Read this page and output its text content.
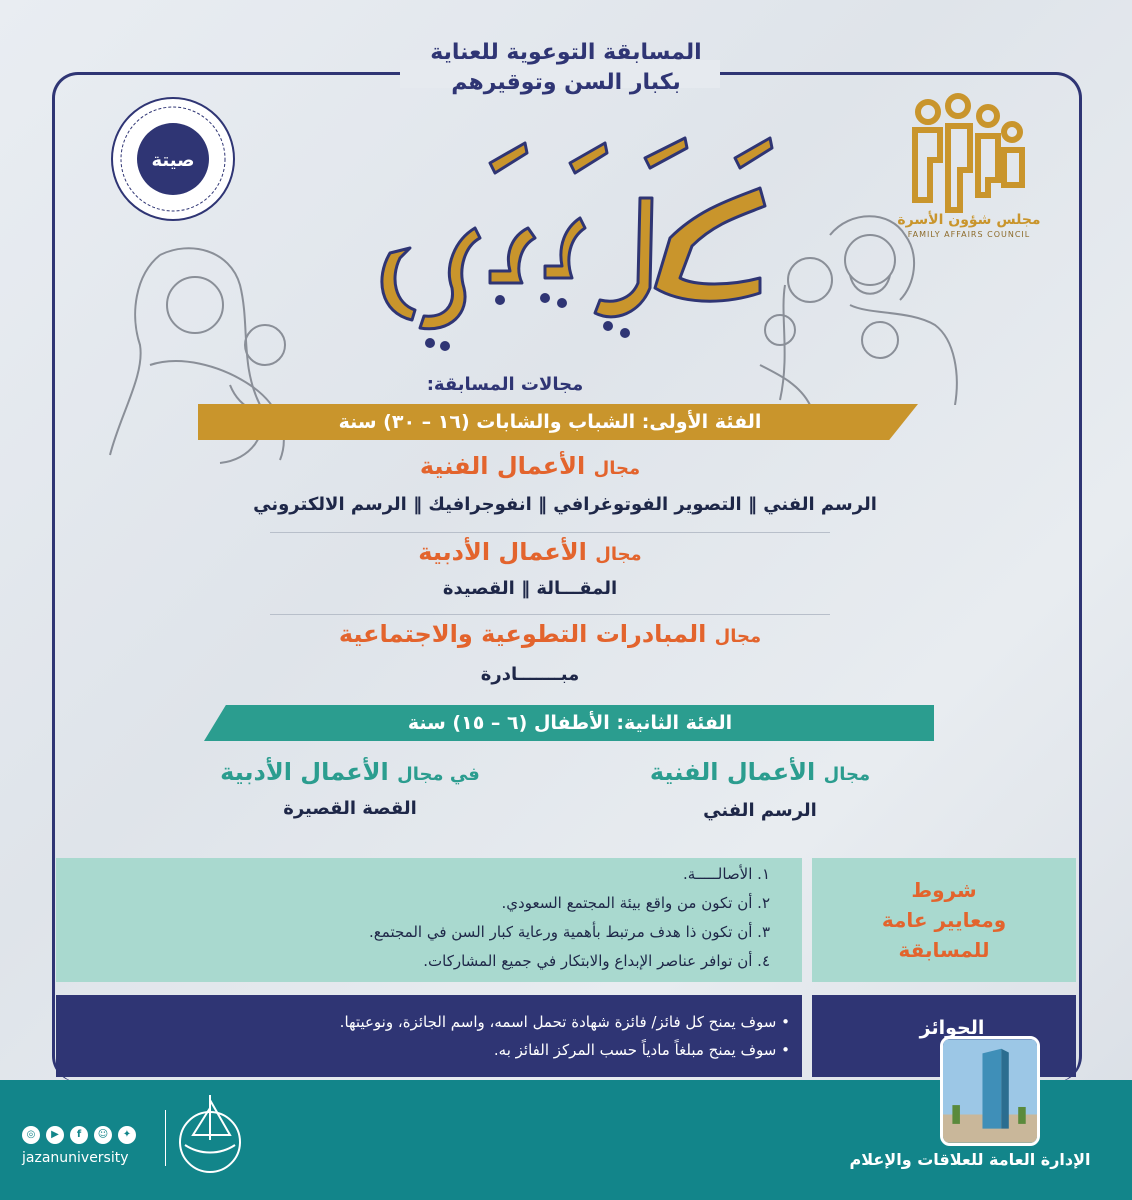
المسابقة التوعوية للعناية
بكبار السن وتوقيرهم
صيتة
مجلس شؤون الأسرة
FAMILY AFFAIRS COUNCIL
مجالات المسابقة:
الفئة الأولى: الشباب والشابات (١٦ – ٣٠) سنة
مجال الأعمال الفنية
الرسم الفني ‖ التصوير الفوتوغرافي ‖ انفوجرافيك ‖ الرسم الالكتروني
مجال الأعمال الأدبية
المقـــالة ‖ القصيدة
مجال المبادرات التطوعية والاجتماعية
مبـــــــادرة
الفئة الثانية: الأطفال (٦ – ١٥) سنة
مجال الأعمال الفنية
الرسم الفني
في مجال الأعمال الأدبية
القصة القصيرة
شروط
ومعايير عامة
للمسابقة
١. الأصالـــــة.
٢. أن تكون من واقع بيئة المجتمع السعودي.
٣. أن تكون ذا هدف مرتبط بأهمية ورعاية كبار السن في المجتمع.
٤. أن توافر عناصر الإبداع والابتكار في جميع المشاركات.
الجوائز
• سوف يمنح كل فائز/ فائزة شهادة تحمل اسمه، واسم الجائزة، ونوعيتها.
• سوف يمنح مبلغاً مادياً حسب المركز الفائز به.
الإدارة العامة للعلاقات والإعلام
◎	▶	f	☺	✦
jazanuniversity
